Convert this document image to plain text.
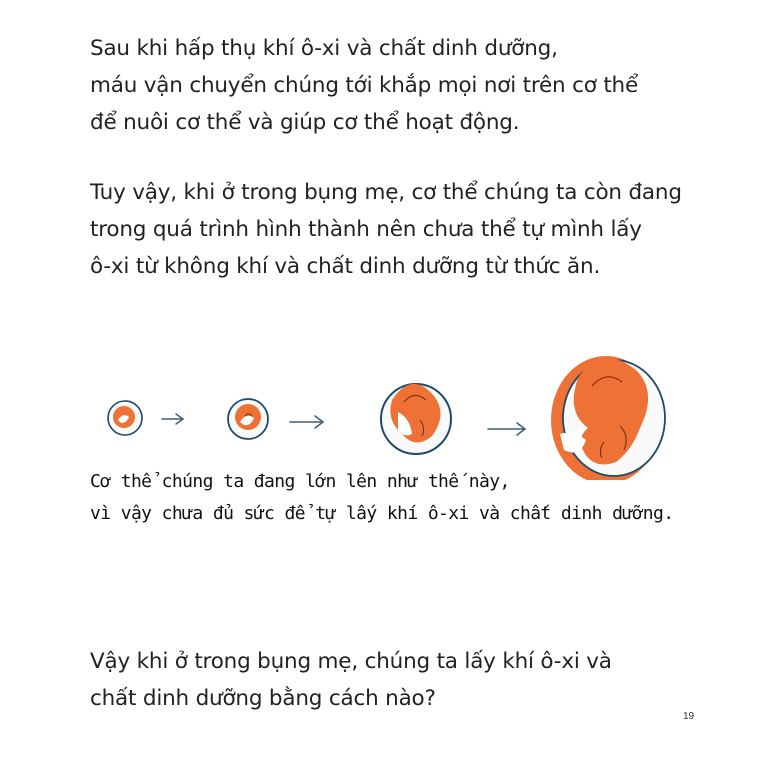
Sau khi hấp thụ khí ô-xi và chất dinh dưỡng,
máu vận chuyển chúng tới khắp mọi nơi trên cơ thể
để nuôi cơ thể và giúp cơ thể hoạt động.
Tuy vậy, khi ở trong bụng mẹ, cơ thể chúng ta còn đang
trong quá trình hình thành nên chưa thể tự mình lấy
ô-xi từ không khí và chất dinh dưỡng từ thức ăn.
Cơ thể chúng ta đang lớn lên như thế này,
vì vậy chưa đủ sức để tự lấy khí ô-xi và chất dinh dưỡng.
Vậy khi ở trong bụng mẹ, chúng ta lấy khí ô-xi và
chất dinh dưỡng bằng cách nào?
19
